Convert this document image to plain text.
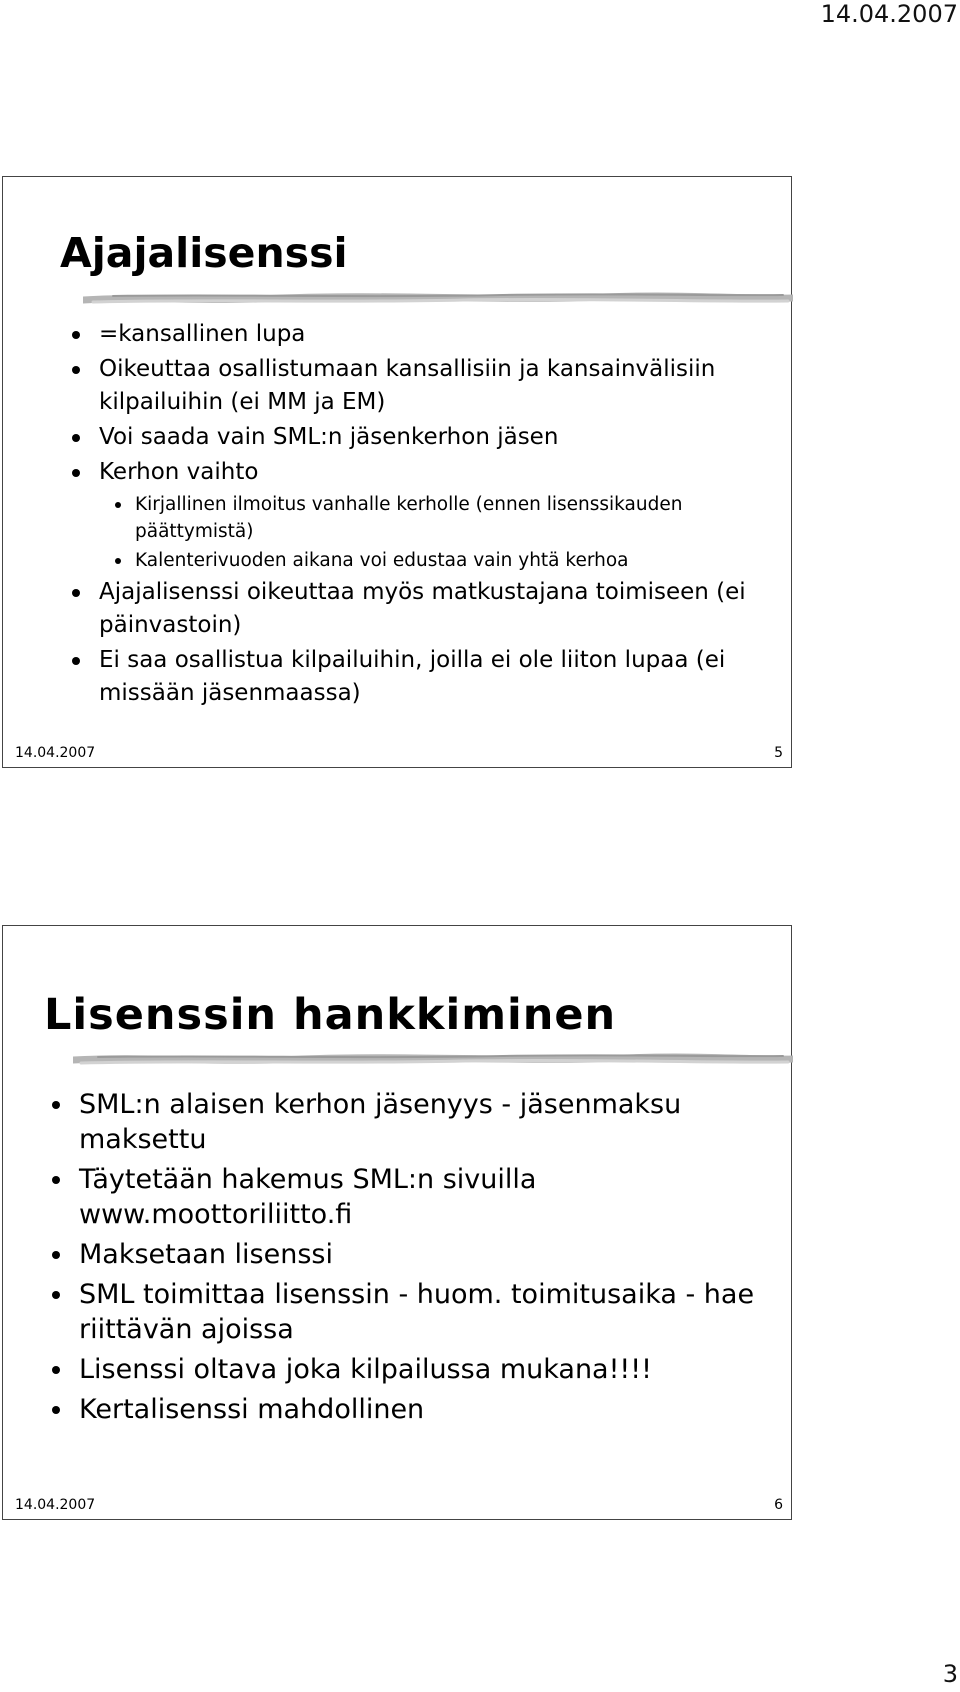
14.04.2007
Ajajalisenssi
=kansallinen lupa
Oikeuttaa osallistumaan kansallisiin ja kansainvälisiin kilpailuihin (ei MM ja EM)
Voi saada vain SML:n jäsenkerhon jäsen
Kerhon vaihto
Kirjallinen ilmoitus vanhalle kerholle (ennen lisenssikauden päättymistä)
Kalenterivuoden aikana voi edustaa vain yhtä kerhoa
Ajajalisenssi oikeuttaa myös matkustajana toimiseen (ei päinvastoin)
Ei saa osallistua kilpailuihin, joilla ei ole liiton lupaa (ei missään jäsenmaassa)
14.04.2007	5
Lisenssin hankkiminen
SML:n alaisen kerhon jäsenyys - jäsenmaksu maksettu
Täytetään hakemus SML:n sivuilla www.moottoriliitto.fi
Maksetaan lisenssi
SML toimittaa lisenssin - huom. toimitusaika - hae riittävän ajoissa
Lisenssi oltava joka kilpailussa mukana!!!!
Kertalisenssi mahdollinen
14.04.2007	6
3
